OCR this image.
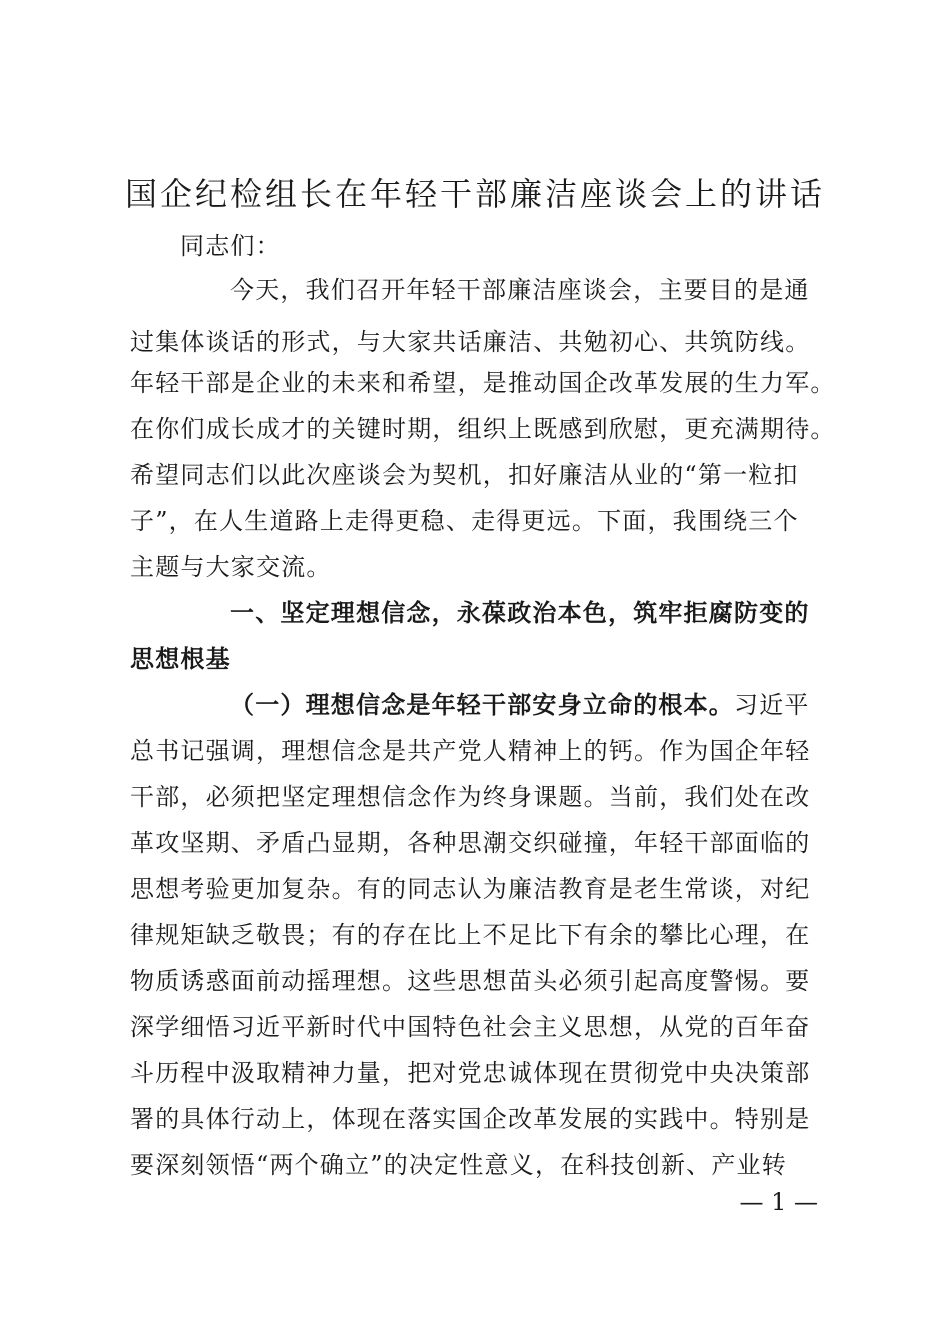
国企纪检组长在年轻干部廉洁座谈会上的讲话
同志们：
今天，我们召开年轻干部廉洁座谈会，主要目的是通
过集体谈话的形式，与大家共话廉洁、共勉初心、共筑防线。
年轻干部是企业的未来和希望，是推动国企改革发展的生力军。
在你们成长成才的关键时期，组织上既感到欣慰，更充满期待。
希望同志们以此次座谈会为契机，扣好廉洁从业的“第一粒扣
子”，在人生道路上走得更稳、走得更远。下面，我围绕三个
主题与大家交流。
一、坚定理想信念，永葆政治本色，筑牢拒腐防变的
思想根基
（一）理想信念是年轻干部安身立命的根本。习近平
总书记强调，理想信念是共产党人精神上的钙。作为国企年轻
干部，必须把坚定理想信念作为终身课题。当前，我们处在改
革攻坚期、矛盾凸显期，各种思潮交织碰撞，年轻干部面临的
思想考验更加复杂。有的同志认为廉洁教育是老生常谈，对纪
律规矩缺乏敬畏；有的存在比上不足比下有余的攀比心理，在
物质诱惑面前动摇理想。这些思想苗头必须引起高度警惕。要
深学细悟习近平新时代中国特色社会主义思想，从党的百年奋
斗历程中汲取精神力量，把对党忠诚体现在贯彻党中央决策部
署的具体行动上，体现在落实国企改革发展的实践中。特别是
要深刻领悟“两个确立”的决定性意义，在科技创新、产业转
— 1 —
